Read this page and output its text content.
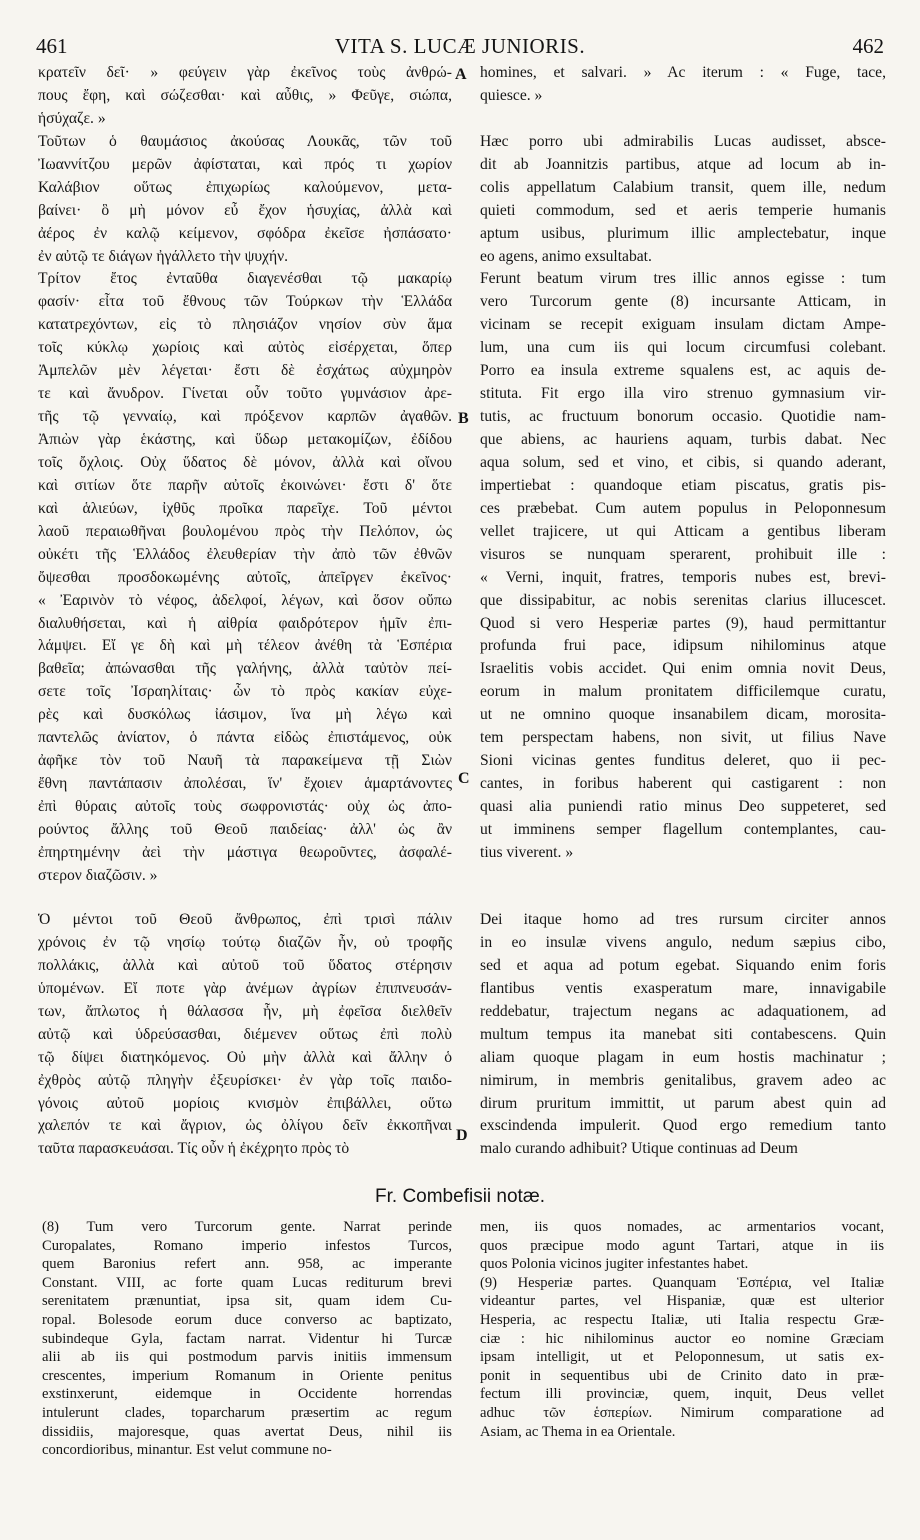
461	VITA S. LUCÆ JUNIORIS.	462
κρατεῖν δεῖ· » φεύγειν γὰρ ἐκεῖνος τοὺς ἀνθρώ-
πους ἔφη, καὶ σώζεσθαι· καὶ αὖθις, » Φεῦγε, σιώπα,
ἡσύχαζε. »
Τοῦτων ὁ θαυμάσιος ἀκούσας Λουκᾶς, τῶν τοῦ
Ἰωαννίτζου μερῶν ἀφίσταται, καὶ πρός τι χωρίον
Καλάβιον οὕτως ἐπιχωρίως καλούμενον, μετα-
βαίνει· ὃ μὴ μόνον εὖ ἔχον ἡσυχίας, ἀλλὰ καὶ
ἀέρος ἐν καλῷ κείμενον, σφόδρα ἐκεῖσε ἠσπάσατο·
ἐν αὐτῷ τε διάγων ἠγάλλετο τὴν ψυχήν.
Τρίτον ἔτος ἐνταῦθα διαγενέσθαι τῷ μακαρίῳ
φασίν· εἶτα τοῦ ἔθνους τῶν Τούρκων τὴν Ἑλλάδα
κατατρεχόντων, εἰς τὸ πλησιάζον νησίον σὺν ἅμα
τοῖς κύκλῳ χωρίοις καὶ αὐτὸς εἰσέρχεται, ὅπερ
Ἀμπελῶν μὲν λέγεται· ἔστι δὲ ἐσχάτως αὐχμηρὸν
τε καὶ ἄνυδρον. Γίνεται οὖν τοῦτο γυμνάσιον ἀρε-
τῆς τῷ γενναίῳ, καὶ πρόξενον καρπῶν ἀγαθῶν.
Ἀπιὼν γὰρ ἑκάστης, καὶ ὕδωρ μετακομίζων, ἐδίδου
τοῖς ὄχλοις. Οὐχ ὕδατος δὲ μόνον, ἀλλὰ καὶ οἴνου
καὶ σιτίων ὅτε παρῆν αὐτοῖς ἐκοινώνει· ἔστι δ' ὅτε
καὶ ἁλιεύων, ἰχθῦς προῖκα παρεῖχε. Τοῦ μέντοι
λαοῦ περαιωθῆναι βουλομένου πρὸς τὴν Πελόπον, ὡς
οὐκέτι τῆς Ἑλλάδος ἐλευθερίαν τὴν ἀπὸ τῶν ἐθνῶν
ὄψεσθαι προσδοκωμένης αὐτοῖς, ἀπεῖργεν ἐκεῖνος·
« Ἐαρινὸν τὸ νέφος, ἀδελφοί, λέγων, καὶ ὅσον οὔπω
διαλυθήσεται, καὶ ἡ αἰθρία φαιδρότερον ἡμῖν ἐπι-
λάμψει. Εἴ γε δὴ καὶ μὴ τέλεον ἀνέθη τὰ Ἑσπέρια
βαθεῖα; ἀπώνασθαι τῆς γαλήνης, ἀλλὰ ταὐτὸν πεί-
σετε τοῖς Ἰσραηλίταις· ὧν τὸ πρὸς κακίαν εὐχε-
ρὲς καὶ δυσκόλως ἰάσιμον, ἵνα μὴ λέγω καὶ
παντελῶς ἀνίατον, ὁ πάντα εἰδὼς ἐπιστάμενος, οὐκ
ἀφῆκε τὸν τοῦ Ναυῆ τὰ παρακείμενα τῇ Σιὼν
ἔθνη παντάπασιν ἀπολέσαι, ἵν' ἔχοιεν ἁμαρτάνοντες
ἐπὶ θύραις αὐτοῖς τοὺς σωφρονιστάς· οὐχ ὡς ἀπο-
ρούντος ἄλλης τοῦ Θεοῦ παιδείας· ἀλλ' ὡς ἂν
ἐπηρτημένην ἀεὶ τὴν μάστιγα θεωροῦντες, ἀσφαλέ-
στερον διαζῶσιν. »
homines, et salvari. » Ac iterum : « Fuge, tace,
quiesce. »

Hæc porro ubi admirabilis Lucas audisset, absce-
dit ab Joannitzis partibus, atque ad locum ab in-
colis appellatum Calabium transit, quem ille, nedum
quieti commodum, sed et aeris temperie humanis
aptum usibus, plurimum illic amplectebatur, inque
eo agens, animo exsultabat.
Ferunt beatum virum tres illic annos egisse : tum
vero Turcorum gente (8) incursante Atticam, in
vicinam se recepit exiguam insulam dictam Ampe-
lum, una cum iis qui locum circumfusi colebant.
Porro ea insula extreme squalens est, ac aquis de-
stituta. Fit ergo illa viro strenuo gymnasium vir-
tutis, ac fructuum bonorum occasio. Quotidie nam-
que abiens, ac hauriens aquam, turbis dabat. Nec
aqua solum, sed et vino, et cibis, si quando aderant,
impertiebat : quandoque etiam piscatus, gratis pis-
ces præbebat. Cum autem populus in Peloponnesum
vellet trajicere, ut qui Atticam a gentibus liberam
visuros se nunquam sperarent, prohibuit ille :
« Verni, inquit, fratres, temporis nubes est, brevi-
que dissipabitur, ac nobis serenitas clarius illucescet.
Quod si vero Hesperiæ partes (9), haud permittantur
profunda frui pace, idipsum nihilominus atque
Israelitis vobis accidet. Qui enim omnia novit Deus,
eorum in malum pronitatem difficilemque curatu,
ut ne omnino quoque insanabilem dicam, morosita-
tem perspectam habens, non sivit, ut filius Nave
Sioni vicinas gentes funditus deleret, quo ii pec-
cantes, in foribus haberent qui castigarent : non
quasi alia puniendi ratio minus Deo suppeteret, sed
ut imminens semper flagellum contemplantes, cau-
tius viverent. »
Ὁ μέντοι τοῦ Θεοῦ ἄνθρωπος, ἐπὶ τρισὶ πάλιν
χρόνοις ἐν τῷ νησίῳ τούτῳ διαζῶν ἦν, οὐ τροφῆς
πολλάκις, ἀλλὰ καὶ αὐτοῦ τοῦ ὕδατος στέρησιν
ὑπομένων. Εἴ ποτε γὰρ ἀνέμων ἀγρίων ἐπιπνευσάν-
των, ἄπλωτος ἡ θάλασσα ἦν, μὴ ἐφεῖσα διελθεῖν
αὐτῷ καὶ ὑδρεύσασθαι, διέμενεν οὕτως ἐπὶ πολὺ
τῷ δίψει διατηκόμενος. Οὐ μὴν ἀλλὰ καὶ ἄλλην ὁ
ἐχθρὸς αὐτῷ πληγὴν ἐξευρίσκει· ἐν γὰρ τοῖς παιδο-
γόνοις αὐτοῦ μορίοις κνισμὸν ἐπιβάλλει, οὕτω
χαλεπόν τε καὶ ἄγριον, ὡς ὀλίγου δεῖν ἐκκοπῆναι
ταῦτα παρασκευάσαι. Τίς οὖν ἡ ἐκέχρητο πρὸς τὸ
Dei itaque homo ad tres rursum circiter annos
in eo insulæ vivens angulo, nedum sæpius cibo,
sed et aqua ad potum egebat. Siquando enim foris
flantibus ventis exasperatum mare, innavigabile
reddebatur, trajectum negans ac adaquationem, ad
multum tempus ita manebat siti contabescens. Quin
aliam quoque plagam in eum hostis machinatur ;
nimirum, in membris genitalibus, gravem adeo ac
dirum pruritum immittit, ut parum abest quin ad
exscindenda impulerit. Quod ergo remedium tanto
malo curando adhibuit? Utique continuas ad Deum
A
B
C
D
Fr. Combefisii notæ.
(8) Tum vero Turcorum gente. Narrat perinde
Curopalates, Romano imperio infestos Turcos,
quem Baronius refert ann. 958, ac imperante
Constant. VIII, ac forte quam Lucas rediturum brevi
serenitatem prænuntiat, ipsa sit, quam idem Cu-
ropal. Bolesode eorum duce converso ac baptizato,
subindeque Gyla, factam narrat. Videntur hi Turcæ
alii ab iis qui postmodum parvis initiis immensum
crescentes, imperium Romanum in Oriente penitus
exstinxerunt, eidemque in Occidente horrendas
intulerunt clades, toparcharum præsertim ac regum
dissidiis, majoresque, quas avertat Deus, nihil iis
concordioribus, minantur. Est velut commune no-
men, iis quos nomades, ac armentarios vocant,
quos præcipue modo agunt Tartari, atque in iis
quos Polonia vicinos jugiter infestantes habet.
(9) Hesperiæ partes. Quanquam Ἑσπέρια, vel Italiæ
videantur partes, vel Hispaniæ, quæ est ulterior
Hesperia, ac respectu Italiæ, uti Italia respectu Græ-
ciæ : hic nihilominus auctor eo nomine Græciam
ipsam intelligit, ut et Peloponnesum, ut satis ex-
ponit in sequentibus ubi de Crinito dato in præ-
fectum illi provinciæ, quem, inquit, Deus vellet
adhuc τῶν ἑσπερίων. Nimirum comparatione ad
Asiam, ac Thema in ea Orientale.
